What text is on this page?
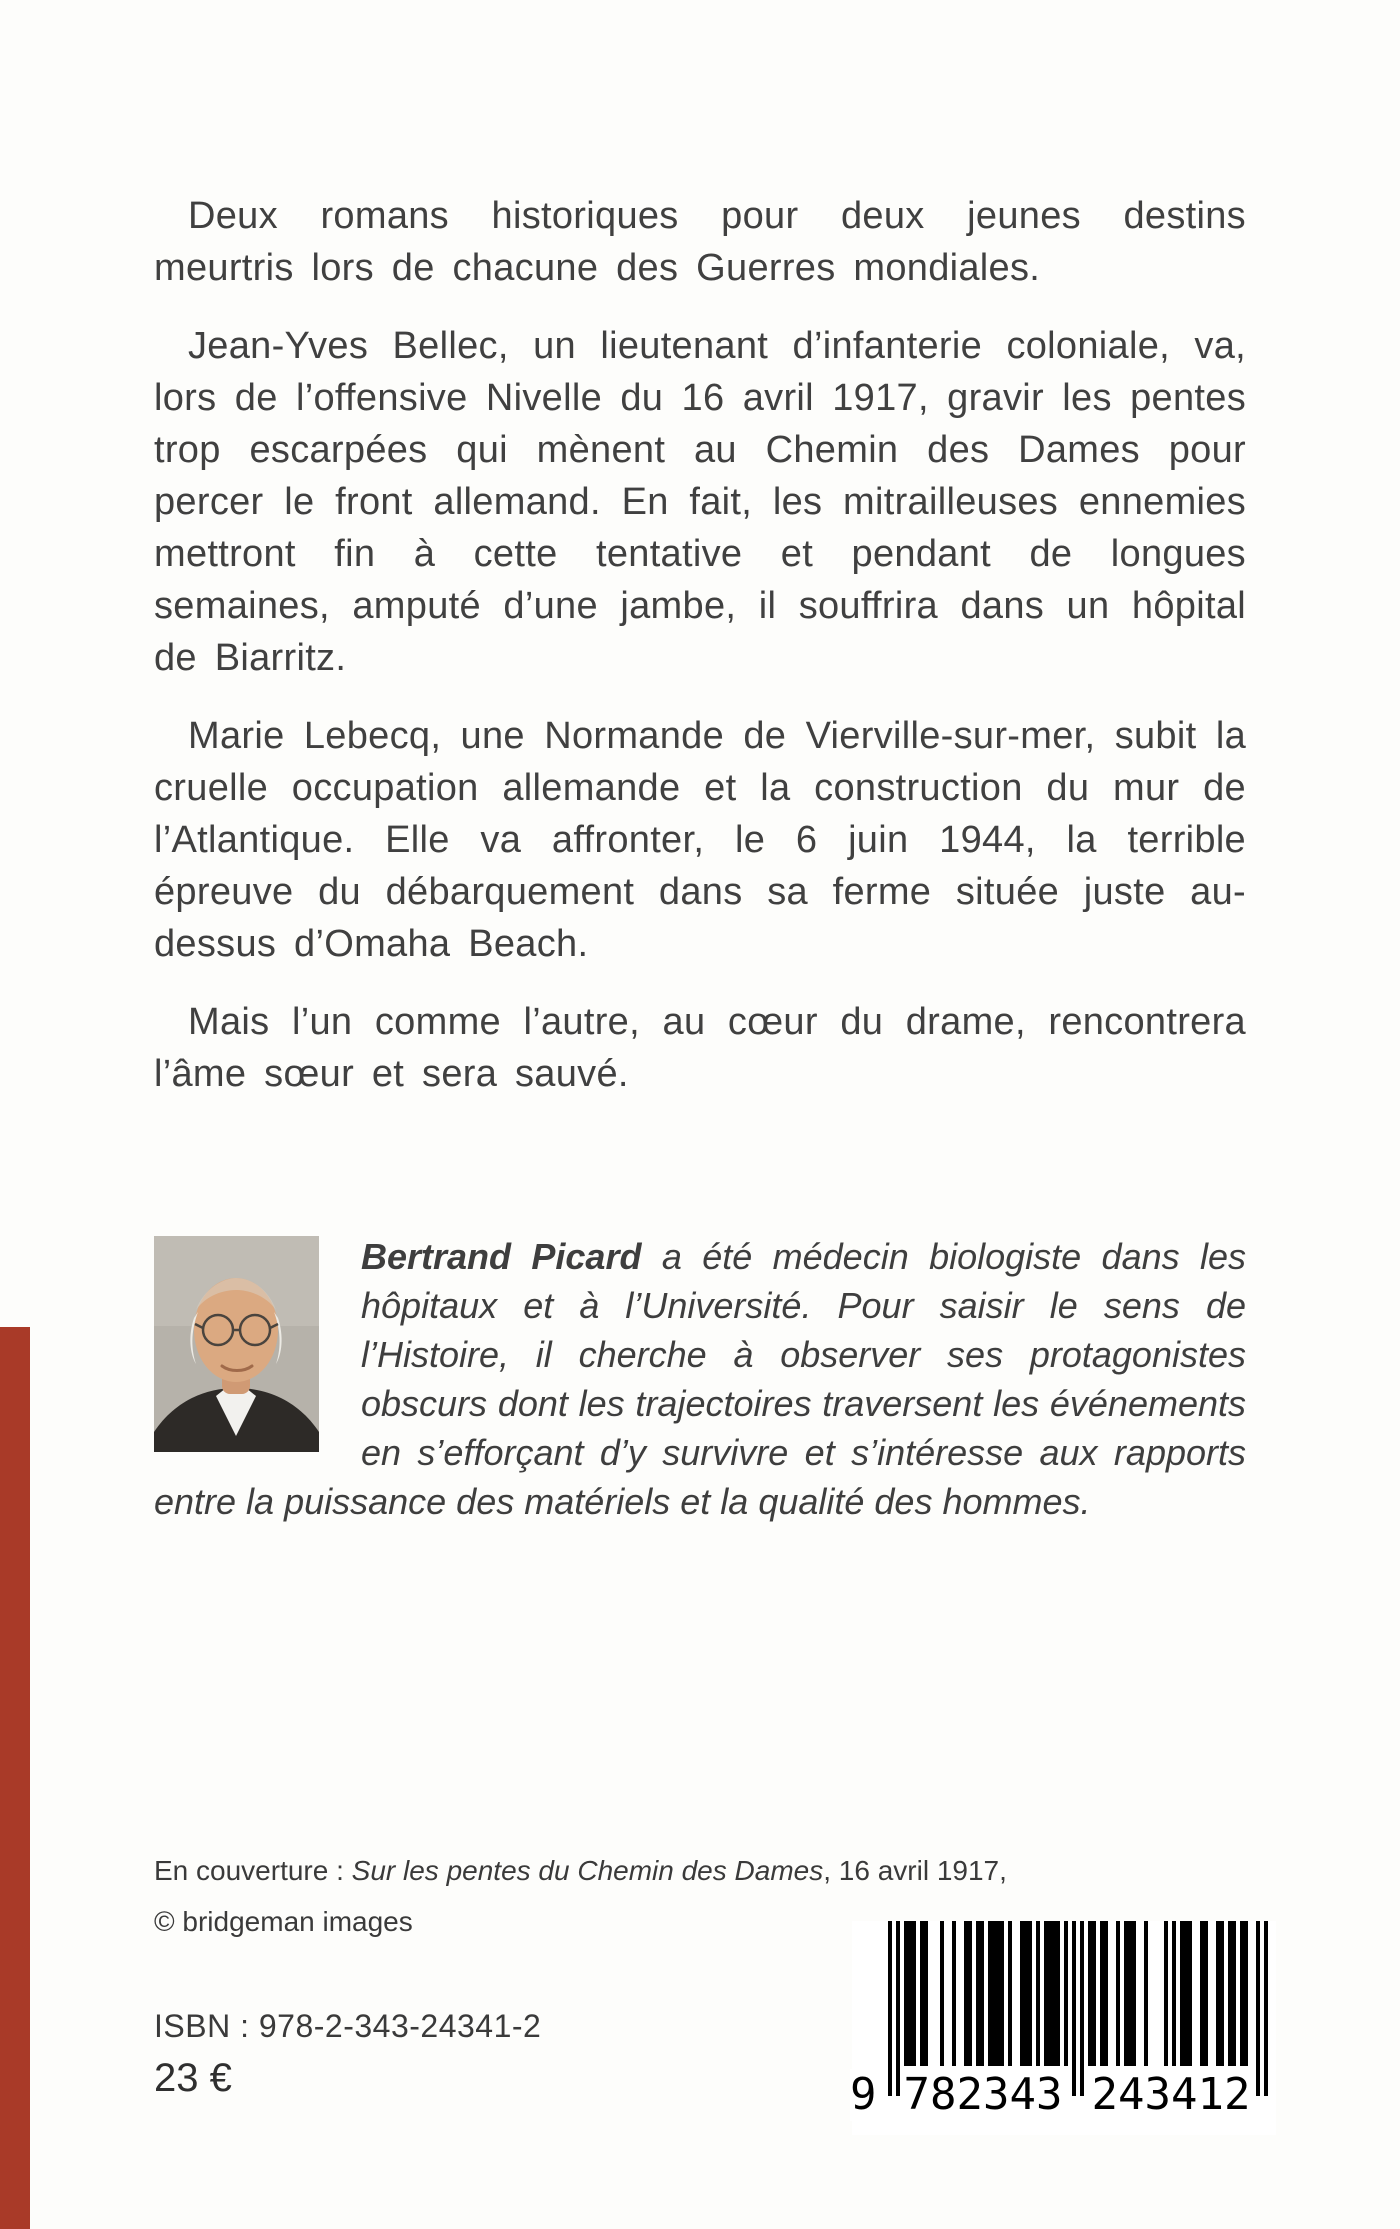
Deux romans historiques pour deux jeunes destins meurtris lors de chacune des Guerres mondiales.

Jean-Yves Bellec, un lieutenant d’infanterie coloniale, va, lors de l’offensive Nivelle du 16 avril 1917, gravir les pentes trop escarpées qui mènent au Chemin des Dames pour percer le front allemand. En fait, les mitrailleuses ennemies mettront fin à cette tentative et pendant de longues semaines, amputé d’une jambe, il souffrira dans un hôpital de Biarritz.

Marie Lebecq, une Normande de Vierville-sur-mer, subit la cruelle occupation allemande et la construction du mur de l’Atlantique. Elle va affronter, le 6 juin 1944, la terrible épreuve du débarquement dans sa ferme située juste au-dessus d’Omaha Beach.

Mais l’un comme l’autre, au cœur du drame, rencontrera l’âme sœur et sera sauvé.

Bertrand Picard a été médecin biologiste dans les hôpitaux et à l’Université. Pour saisir le sens de l’Histoire, il cherche à observer ses protagonistes obscurs dont les trajectoires traversent les événements en s’efforçant d’y survivre et s’intéresse aux rapports entre la puissance des matériels et la qualité des hommes.

En couverture : Sur les pentes du Chemin des Dames, 16 avril 1917,
© bridgeman images
ISBN : 978-2-343-24341-2
23 €	9 782343 243412
